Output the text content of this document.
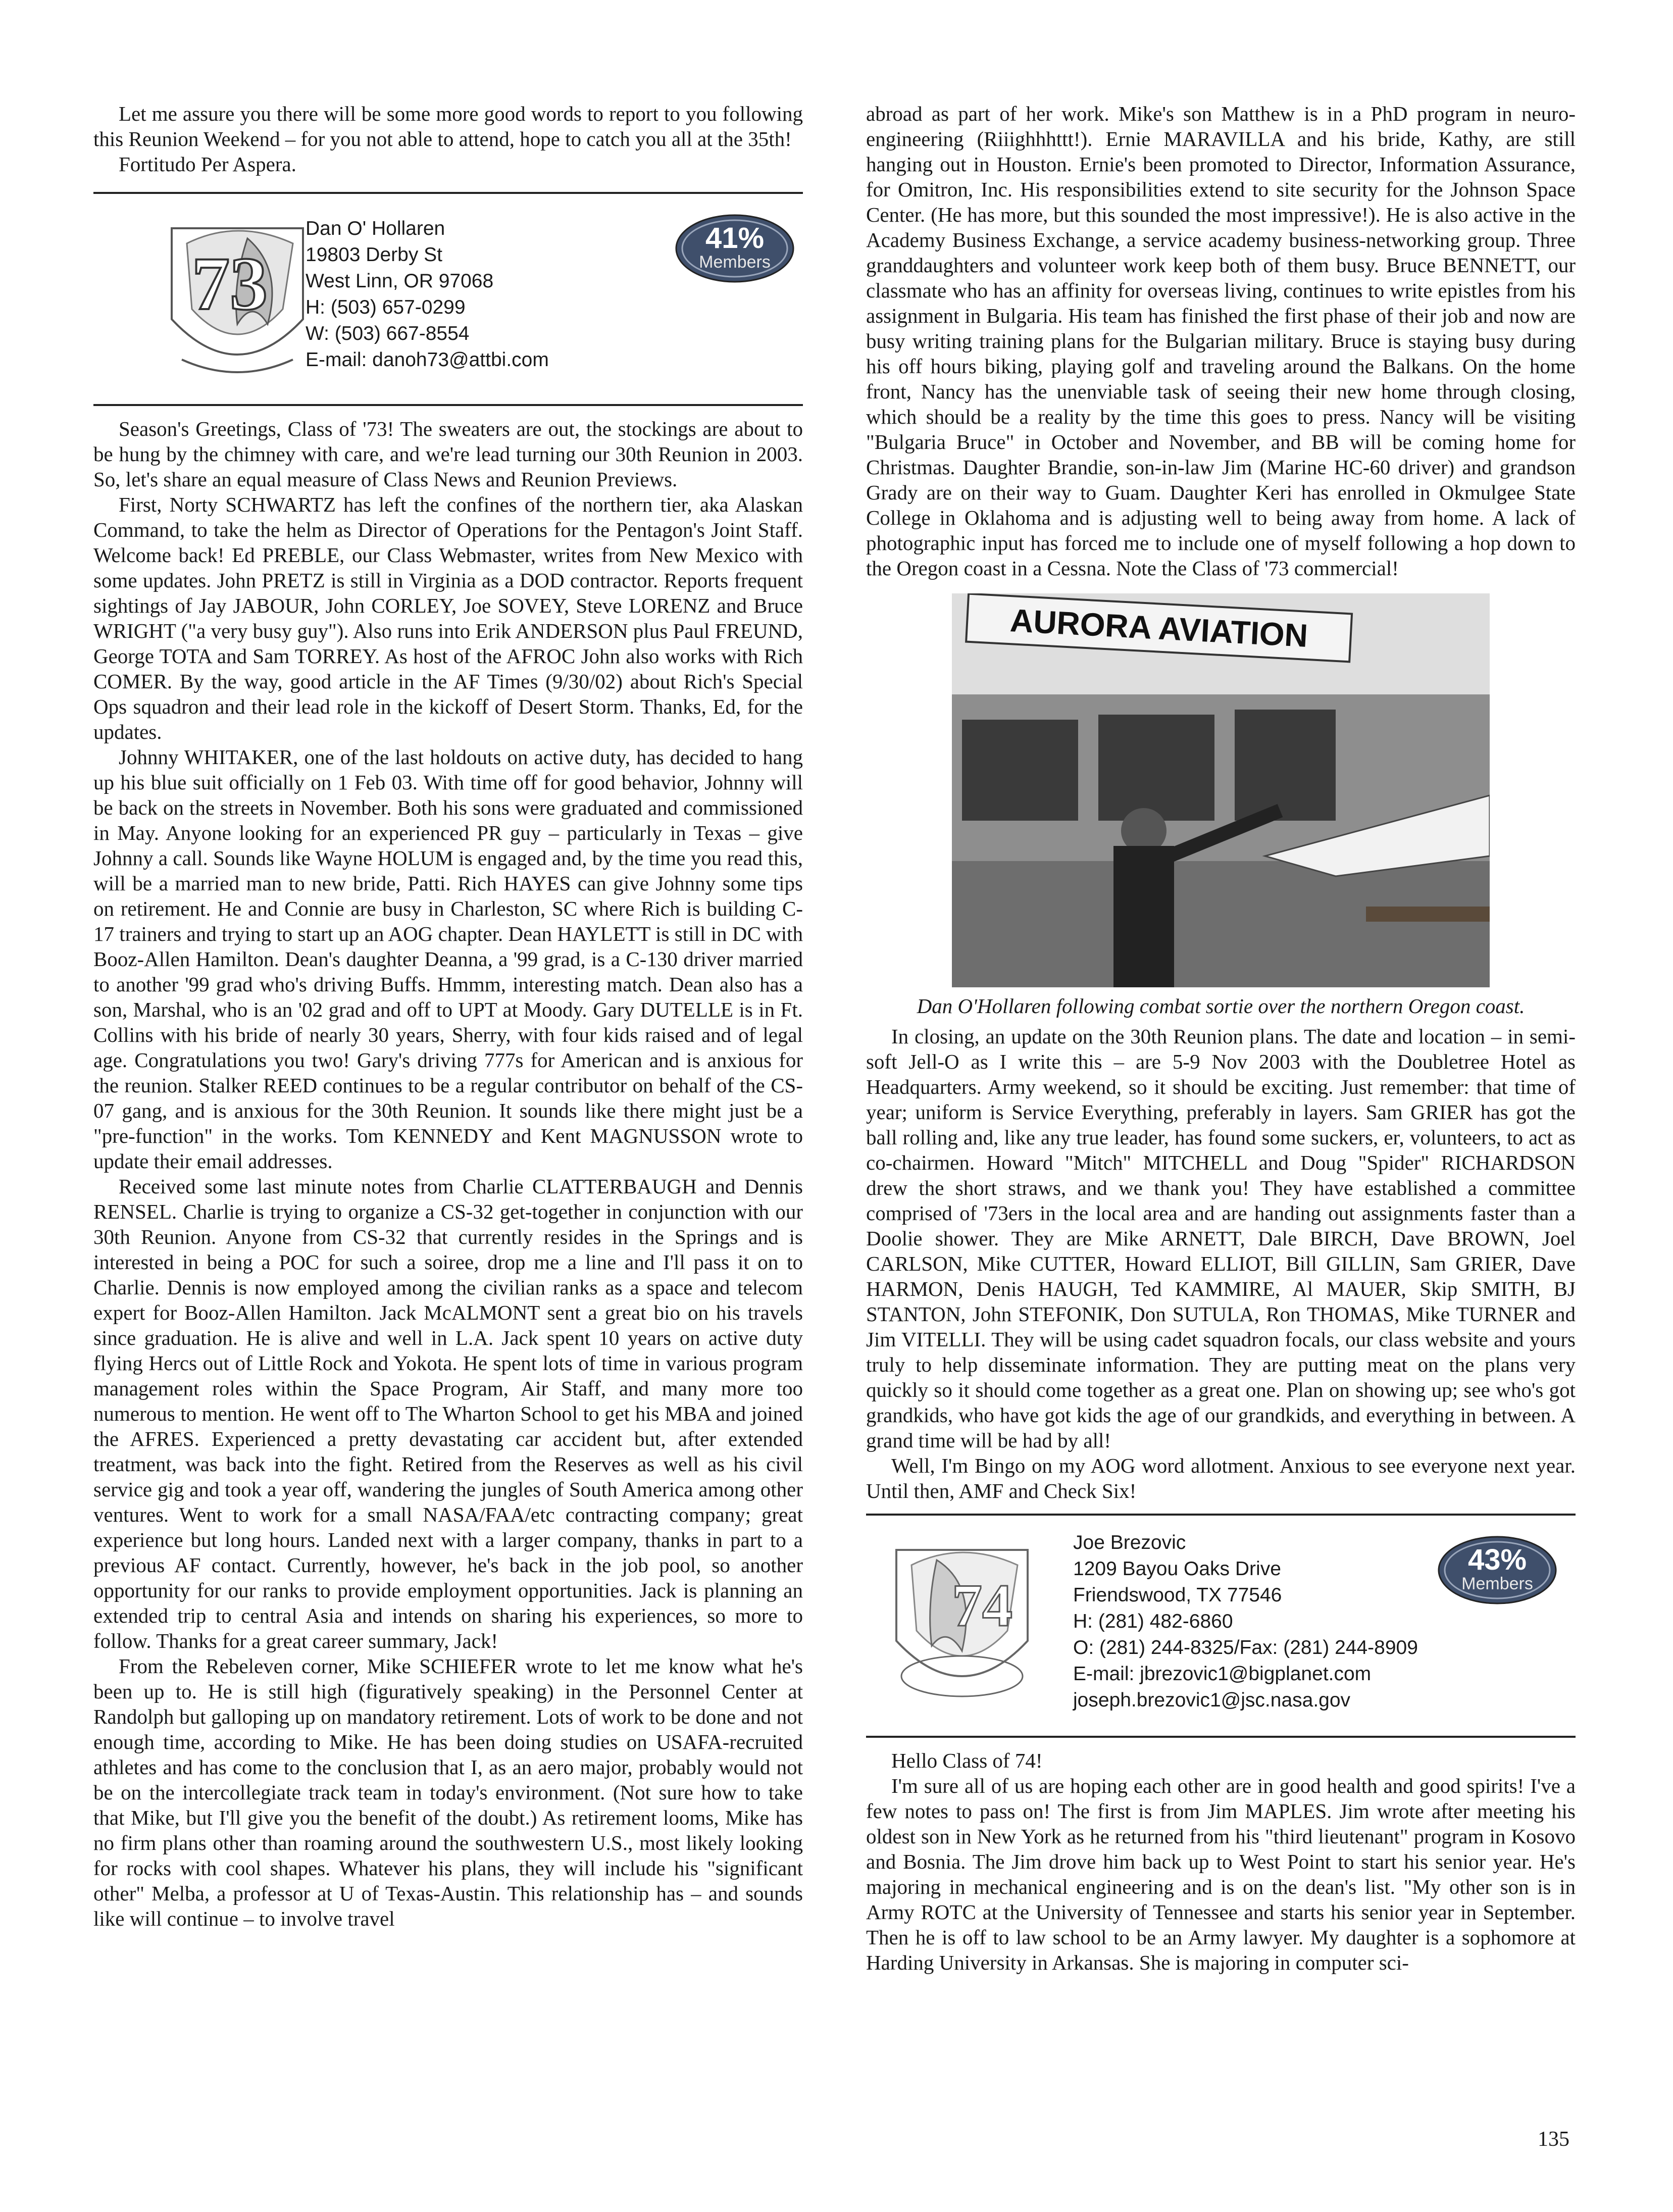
Let me assure you there will be some more good words to report to you following this Reunion Weekend – for you not able to attend, hope to catch you all at the 35th!

Fortitudo Per Aspera.

73
Dan O' Hollaren
19803 Derby St
West Linn, OR 97068
H: (503) 657-0299
W: (503) 667-8554
E-mail: danoh73@attbi.com
41%
Members

Season's Greetings, Class of '73! The sweaters are out, the stockings are about to be hung by the chimney with care, and we're lead turning our 30th Reunion in 2003. So, let's share an equal measure of Class News and Reunion Previews.

First, Norty SCHWARTZ has left the confines of the northern tier, aka Alaskan Command, to take the helm as Director of Operations for the Pentagon's Joint Staff. Welcome back! Ed PREBLE, our Class Webmaster, writes from New Mexico with some updates. John PRETZ is still in Virginia as a DOD contractor. Reports frequent sightings of Jay JABOUR, John CORLEY, Joe SOVEY, Steve LORENZ and Bruce WRIGHT ("a very busy guy"). Also runs into Erik ANDERSON plus Paul FREUND, George TOTA and Sam TORREY. As host of the AFROC John also works with Rich COMER. By the way, good article in the AF Times (9/30/02) about Rich's Special Ops squadron and their lead role in the kickoff of Desert Storm. Thanks, Ed, for the updates.

Johnny WHITAKER, one of the last holdouts on active duty, has decided to hang up his blue suit officially on 1 Feb 03. With time off for good behavior, Johnny will be back on the streets in November. Both his sons were graduated and commissioned in May. Anyone looking for an experienced PR guy – particularly in Texas – give Johnny a call. Sounds like Wayne HOLUM is engaged and, by the time you read this, will be a married man to new bride, Patti. Rich HAYES can give Johnny some tips on retirement. He and Connie are busy in Charleston, SC where Rich is building C-17 trainers and trying to start up an AOG chapter. Dean HAYLETT is still in DC with Booz-Allen Hamilton. Dean's daughter Deanna, a '99 grad, is a C-130 driver married to another '99 grad who's driving Buffs. Hmmm, interesting match. Dean also has a son, Marshal, who is an '02 grad and off to UPT at Moody. Gary DUTELLE is in Ft. Collins with his bride of nearly 30 years, Sherry, with four kids raised and of legal age. Congratulations you two! Gary's driving 777s for American and is anxious for the reunion. Stalker REED continues to be a regular contributor on behalf of the CS-07 gang, and is anxious for the 30th Reunion. It sounds like there might just be a "pre-function" in the works. Tom KENNEDY and Kent MAGNUSSON wrote to update their email addresses.

Received some last minute notes from Charlie CLATTERBAUGH and Dennis RENSEL. Charlie is trying to organize a CS-32 get-together in conjunction with our 30th Reunion. Anyone from CS-32 that currently resides in the Springs and is interested in being a POC for such a soiree, drop me a line and I'll pass it on to Charlie. Dennis is now employed among the civilian ranks as a space and telecom expert for Booz-Allen Hamilton. Jack McALMONT sent a great bio on his travels since graduation. He is alive and well in L.A. Jack spent 10 years on active duty flying Hercs out of Little Rock and Yokota. He spent lots of time in various program management roles within the Space Program, Air Staff, and many more too numerous to mention. He went off to The Wharton School to get his MBA and joined the AFRES. Experienced a pretty devastating car accident but, after extended treatment, was back into the fight. Retired from the Reserves as well as his civil service gig and took a year off, wandering the jungles of South America among other ventures. Went to work for a small NASA/FAA/etc contracting company; great experience but long hours. Landed next with a larger company, thanks in part to a previous AF contact. Currently, however, he's back in the job pool, so another opportunity for our ranks to provide employment opportunities. Jack is planning an extended trip to central Asia and intends on sharing his experiences, so more to follow. Thanks for a great career summary, Jack!

From the Rebeleven corner, Mike SCHIEFER wrote to let me know what he's been up to. He is still high (figuratively speaking) in the Personnel Center at Randolph but galloping up on mandatory retirement. Lots of work to be done and not enough time, according to Mike. He has been doing studies on USAFA-recruited athletes and has come to the conclusion that I, as an aero major, probably would not be on the intercollegiate track team in today's environment. (Not sure how to take that Mike, but I'll give you the benefit of the doubt.) As retirement looms, Mike has no firm plans other than roaming around the southwestern U.S., most likely looking for rocks with cool shapes. Whatever his plans, they will include his "significant other" Melba, a professor at U of Texas-Austin. This relationship has – and sounds like will continue – to involve travel

abroad as part of her work. Mike's son Matthew is in a PhD program in neuro-engineering (Riiighhhttt!). Ernie MARAVILLA and his bride, Kathy, are still hanging out in Houston. Ernie's been promoted to Director, Information Assurance, for Omitron, Inc. His responsibilities extend to site security for the Johnson Space Center. (He has more, but this sounded the most impressive!). He is also active in the Academy Business Exchange, a service academy business-networking group. Three granddaughters and volunteer work keep both of them busy. Bruce BENNETT, our classmate who has an affinity for overseas living, continues to write epistles from his assignment in Bulgaria. His team has finished the first phase of their job and now are busy writing training plans for the Bulgarian military. Bruce is staying busy during his off hours biking, playing golf and traveling around the Balkans. On the home front, Nancy has the unenviable task of seeing their new home through closing, which should be a reality by the time this goes to press. Nancy will be visiting "Bulgaria Bruce" in October and November, and BB will be coming home for Christmas. Daughter Brandie, son-in-law Jim (Marine HC-60 driver) and grandson Grady are on their way to Guam. Daughter Keri has enrolled in Okmulgee State College in Oklahoma and is adjusting well to being away from home. A lack of photographic input has forced me to include one of myself following a hop down to the Oregon coast in a Cessna. Note the Class of '73 commercial!

AURORA AVIATION

Dan O'Hollaren following combat sortie over the northern Oregon coast.

In closing, an update on the 30th Reunion plans. The date and location – in semi-soft Jell-O as I write this – are 5-9 Nov 2003 with the Doubletree Hotel as Headquarters. Army weekend, so it should be exciting. Just remember: that time of year; uniform is Service Everything, preferably in layers. Sam GRIER has got the ball rolling and, like any true leader, has found some suckers, er, volunteers, to act as co-chairmen. Howard "Mitch" MITCHELL and Doug "Spider" RICHARDSON drew the short straws, and we thank you! They have established a committee comprised of '73ers in the local area and are handing out assignments faster than a Doolie shower. They are Mike ARNETT, Dale BIRCH, Dave BROWN, Joel CARLSON, Mike CUTTER, Howard ELLIOT, Bill GILLIN, Sam GRIER, Dave HARMON, Denis HAUGH, Ted KAMMIRE, Al MAUER, Skip SMITH, BJ STANTON, John STEFONIK, Don SUTULA, Ron THOMAS, Mike TURNER and Jim VITELLI. They will be using cadet squadron focals, our class website and yours truly to help disseminate information. They are putting meat on the plans very quickly so it should come together as a great one. Plan on showing up; see who's got grandkids, who have got kids the age of our grandkids, and everything in between. A grand time will be had by all!

Well, I'm Bingo on my AOG word allotment. Anxious to see everyone next year. Until then, AMF and Check Six!

74
Joe Brezovic
1209 Bayou Oaks Drive
Friendswood, TX 77546
H: (281) 482-6860
O: (281) 244-8325/Fax: (281) 244-8909
E-mail: jbrezovic1@bigplanet.com
joseph.brezovic1@jsc.nasa.gov
43%
Members

Hello Class of 74!

I'm sure all of us are hoping each other are in good health and good spirits! I've a few notes to pass on! The first is from Jim MAPLES. Jim wrote after meeting his oldest son in New York as he returned from his "third lieutenant" program in Kosovo and Bosnia. The Jim drove him back up to West Point to start his senior year. He's majoring in mechanical engineering and is on the dean's list. "My other son is in Army ROTC at the University of Tennessee and starts his senior year in September. Then he is off to law school to be an Army lawyer. My daughter is a sophomore at Harding University in Arkansas. She is majoring in computer sci-

135
